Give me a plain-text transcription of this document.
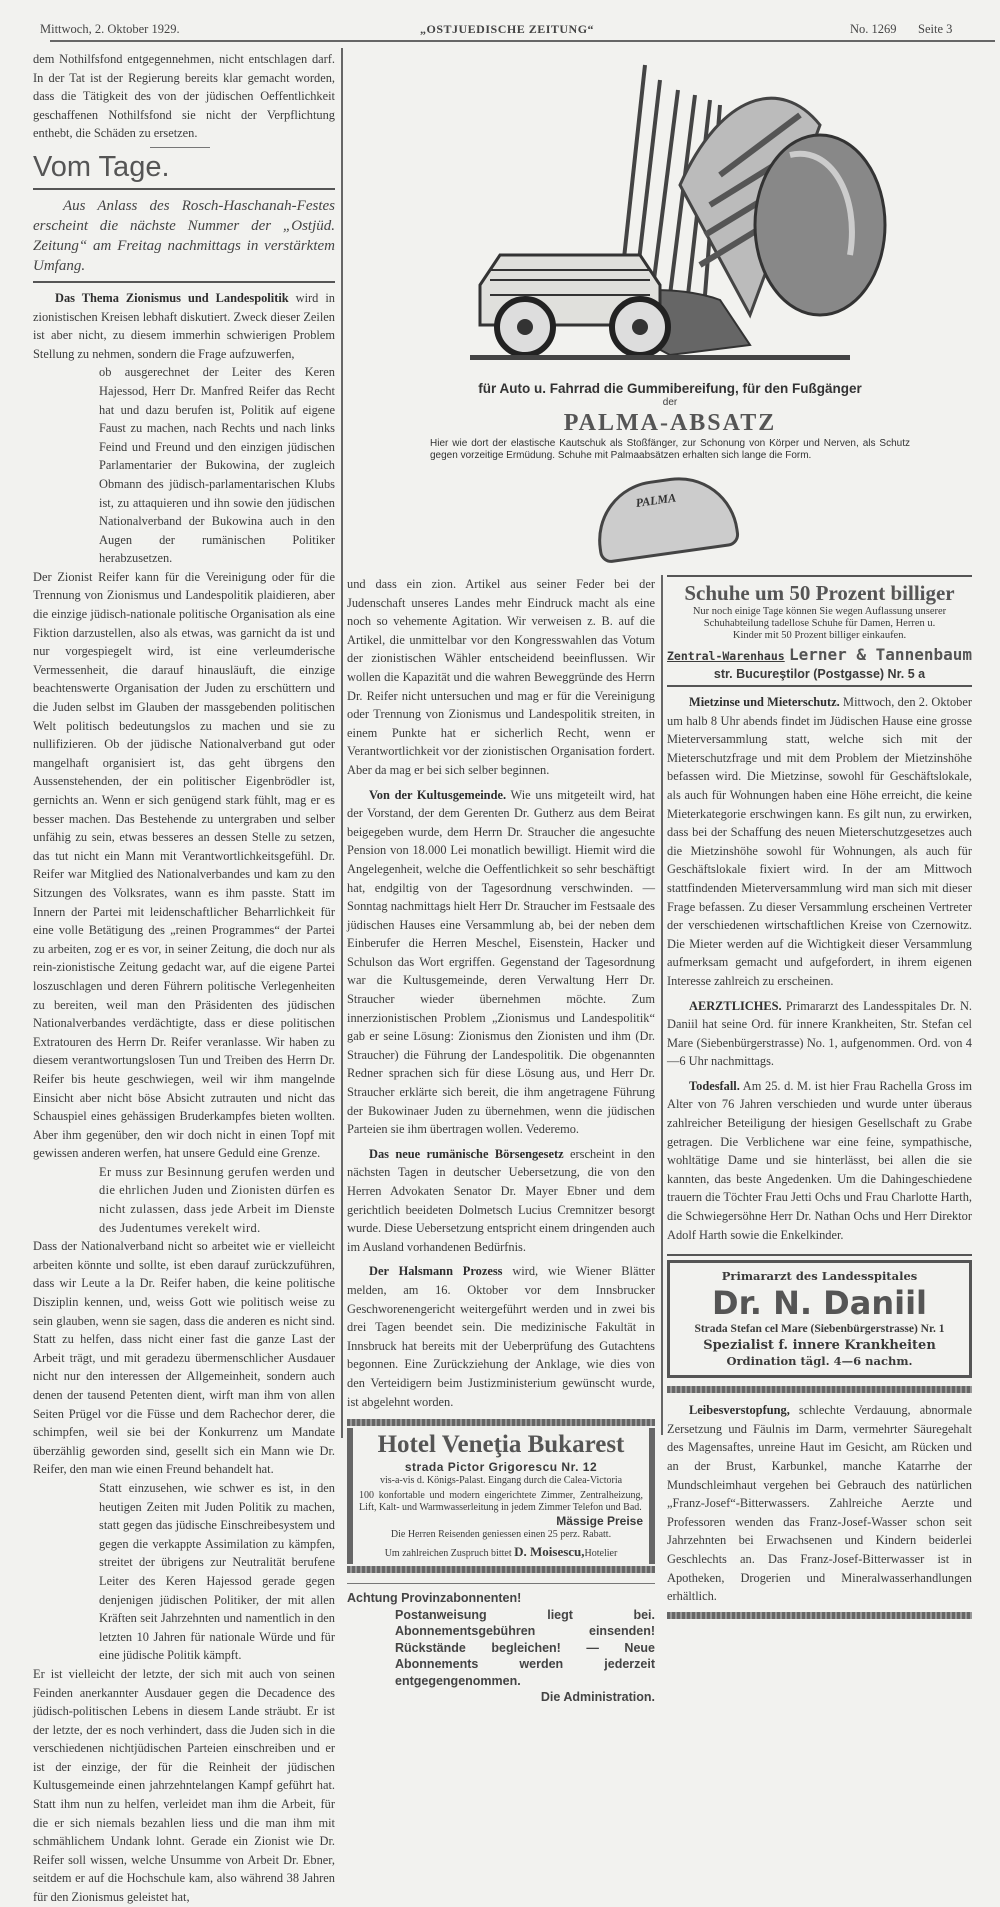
Mittwoch, 2. Oktober 1929.	„OSTJUEDISCHE ZEITUNG“	No. 1269 Seite 3
dem Nothilfsfond entgegennehmen, nicht entschlagen darf. In der Tat ist der Regierung bereits klar gemacht worden, dass die Tätigkeit des von der jüdischen Oeffentlichkeit geschaffenen Nothilfsfond sie nicht der Verpflichtung enthebt, die Schäden zu ersetzen.
Vom Tage.
Aus Anlass des Rosch-Haschanah-Festes erscheint die nächste Nummer der „Ostjüd. Zeitung“ am Freitag nachmittags in verstärktem Umfang.

Das Thema Zionismus und Landespolitik wird in zionistischen Kreisen lebhaft diskutiert. Zweck dieser Zeilen ist aber nicht, zu diesem immerhin schwierigen Problem Stellung zu nehmen, sondern die Frage aufzuwerfen,

ob ausgerechnet der Leiter des Keren Hajessod, Herr Dr. Manfred Reifer das Recht hat und dazu berufen ist, Politik auf eigene Faust zu machen, nach Rechts und nach links Feind und Freund und den einzigen jüdischen Parlamentarier der Bukowina, der zugleich Obmann des jüdisch-parlamentarischen Klubs ist, zu attaquieren und ihn sowie den jüdischen Nationalverband der Bukowina auch in den Augen der rumänischen Politiker herabzusetzen.

Der Zionist Reifer kann für die Vereinigung oder für die Trennung von Zionismus und Landespolitik plaidieren, aber die einzige jüdisch-nationale politische Organisation als eine Fiktion darzustellen, also als etwas, was garnicht da ist und nur vorgespiegelt wird, ist eine verleumderische Vermessenheit, die darauf hinausläuft, die einzige beachtenswerte Organisation der Juden zu erschüttern und die Juden selbst im Glauben der massgebenden politischen Welt politisch bedeutungslos zu machen und sie zu nullifizieren. Ob der jüdische Nationalverband gut oder mangelhaft organisiert ist, das geht übrgens den Aussenstehenden, der ein politischer Eigenbrödler ist, gernichts an. Wenn er sich genügend stark fühlt, mag er es besser machen. Das Bestehende zu untergraben und selber unfähig zu sein, etwas besseres an dessen Stelle zu setzen, das tut nicht ein Mann mit Verantwortlichkeitsgefühl. Dr. Reifer war Mitglied des Nationalverbandes und kam zu den Sitzungen des Volksrates, wann es ihm passte. Statt im Innern der Partei mit leidenschaftlicher Beharrlichkeit für eine volle Betätigung des „reinen Programmes“ der Partei zu arbeiten, zog er es vor, in seiner Zeitung, die doch nur als rein-zionistische Zeitung gedacht war, auf die eigene Partei loszuschlagen und deren Führern politische Verlegenheiten zu bereiten, weil man den Präsidenten des jüdischen Nationalverbandes verdächtigte, dass er diese politischen Extratouren des Herrn Dr. Reifer veranlasse. Wir haben zu diesem verantwortungslosen Tun und Treiben des Herrn Dr. Reifer bis heute geschwiegen, weil wir ihm mangelnde Einsicht aber nicht böse Absicht zutrauten und nicht das Schauspiel eines gehässigen Bruderkampfes bieten wollten. Aber ihm gegenüber, den wir doch nicht in einen Topf mit gewissen anderen werfen, hat unsere Geduld eine Grenze.

Er muss zur Besinnung gerufen werden und die ehrlichen Juden und Zionisten dürfen es nicht zulassen, dass jede Arbeit im Dienste des Judentumes verekelt wird.

Dass der Nationalverband nicht so arbeitet wie er vielleicht arbeiten könnte und sollte, ist eben darauf zurückzuführen, dass wir Leute a la Dr. Reifer haben, die keine politische Disziplin kennen, und, weiss Gott wie politisch weise zu sein glauben, wenn sie sagen, dass die anderen es nicht sind. Statt zu helfen, dass nicht einer fast die ganze Last der Arbeit trägt, und mit geradezu übermenschlicher Ausdauer nicht nur den interessen der Allgemeinheit, sondern auch denen der tausend Petenten dient, wirft man ihm von allen Seiten Prügel vor die Füsse und dem Rachechor derer, die schimpfen, weil sie bei der Konkurrenz um Mandate überzählig geworden sind, gesellt sich ein Mann wie Dr. Reifer, den man wie einen Freund behandelt hat.

Statt einzusehen, wie schwer es ist, in den heutigen Zeiten mit Juden Politik zu machen, statt gegen das jüdische Einschreibesystem und gegen die verkappte Assimilation zu kämpfen, streitet der übrigens zur Neutralität berufene Leiter des Keren Hajessod gerade gegen denjenigen jüdischen Politiker, der mit allen Kräften seit Jahrzehnten und namentlich in den letzten 10 Jahren für nationale Würde und für eine jüdische Politik kämpft.

Er ist vielleicht der letzte, der sich mit auch von seinen Feinden anerkannter Ausdauer gegen die Decadence des jüdisch-politischen Lebens in diesem Lande sträubt. Er ist der letzte, der es noch verhindert, dass die Juden sich in die verschiedenen nichtjüdischen Parteien einschreiben und er ist der einzige, der für die Reinheit der jüdischen Kultusgemeinde einen jahrzehntelangen Kampf geführt hat. Statt ihm nun zu helfen, verleidet man ihm die Arbeit, für die er sich niemals bezahlen liess und die man ihm mit schmählichem Undank lohnt. Gerade ein Zionist wie Dr. Reifer soll wissen, welche Unsumme von Arbeit Dr. Ebner, seitdem er auf die Hochschule kam, also während 38 Jahren für den Zionismus geleistet hat,

für Auto u. Fahrrad die Gummibereifung, für den Fußgänger
der
PALMA-ABSATZ
Hier wie dort der elastische Kautschuk als Stoßfänger, zur Schonung von Körper und Nerven, als Schutz gegen vorzeitige Ermüdung. Schuhe mit Palmaabsätzen erhalten sich lange die Form.
PALMA

und dass ein zion. Artikel aus seiner Feder bei der Judenschaft unseres Landes mehr Eindruck macht als eine noch so vehemente Agitation. Wir verweisen z. B. auf die Artikel, die unmittelbar vor den Kongresswahlen das Votum der zionistischen Wähler entscheidend beeinflussen. Wir wollen die Kapazität und die wahren Beweggründe des Herrn Dr. Reifer nicht untersuchen und mag er für die Vereinigung oder Trennung von Zionismus und Landespolitik streiten, in einem Punkte hat er sicherlich Recht, wenn er Verantwortlichkeit vor der zionistischen Organisation fordert. Aber da mag er bei sich selber beginnen.

Von der Kultusgemeinde. Wie uns mitgeteilt wird, hat der Vorstand, der dem Gerenten Dr. Gutherz aus dem Beirat beigegeben wurde, dem Herrn Dr. Straucher die angesuchte Pension von 18.000 Lei monatlich bewilligt. Hiemit wird die Angelegenheit, welche die Oeffentlichkeit so sehr beschäftigt hat, endgiltig von der Tagesordnung verschwinden. — Sonntag nachmittags hielt Herr Dr. Straucher im Festsaale des jüdischen Hauses eine Versammlung ab, bei der neben dem Einberufer die Herren Meschel, Eisenstein, Hacker und Schulson das Wort ergriffen. Gegenstand der Tagesordnung war die Kultusgemeinde, deren Verwaltung Herr Dr. Straucher wieder übernehmen möchte. Zum innerzionistischen Problem „Zionismus und Landespolitik“ gab er seine Lösung: Zionismus den Zionisten und ihm (Dr. Straucher) die Führung der Landespolitik. Die obgenannten Redner sprachen sich für diese Lösung aus, und Herr Dr. Straucher erklärte sich bereit, die ihm angetragene Führung der Bukowinaer Juden zu übernehmen, wenn die jüdischen Parteien sie ihm übertragen wollen. Vederemo.

Das neue rumänische Börsengesetz erscheint in den nächsten Tagen in deutscher Uebersetzung, die von den Herren Advokaten Senator Dr. Mayer Ebner und dem gerichtlich beeideten Dolmetsch Lucius Cremnitzer besorgt wurde. Diese Uebersetzung entspricht einem dringenden auch im Ausland vorhandenen Bedürfnis.

Der Halsmann Prozess wird, wie Wiener Blätter melden, am 16. Oktober vor dem Innsbrucker Geschworenengericht weitergeführt werden und in zwei bis drei Tagen beendet sein. Die medizinische Fakultät in Innsbruck hat bereits mit der Ueberprüfung des Gutachtens begonnen. Eine Zurückziehung der Anklage, wie dies von den Verteidigern beim Justizministerium gewünscht wurde, ist abgelehnt worden.

Hotel Veneţia Bukarest
strada Pictor Grigorescu Nr. 12
vis-a-vis d. Königs-Palast. Eingang durch die Calea-Victoria
100 konfortable und modern eingerichtete Zimmer, Zentralheizung, Lift, Kalt- und Warmwasserleitung in jedem Zimmer Telefon und Bad.
Mässige Preise
Die Herren Reisenden geniessen einen 25 perz. Rabatt.
Um zahlreichen Zuspruch bittet D. Moisescu,Hotelier
Achtung Provinzabonnenten!
Postanweisung liegt bei. Abonnementsgebühren einsenden! Rückstände begleichen! — Neue Abonnements werden jederzeit entgegengenommen.
Die Administration.
Schuhe um 50 Prozent billiger
Nur noch einige Tage können Sie wegen Auflassung unserer Schuhabteilung tadellose Schuhe für Damen, Herren u. Kinder mit 50 Prozent billiger einkaufen.
Zentral-Warenhaus Lerner & Tannenbaum
str. Bucureştilor (Postgasse) Nr. 5 a

Mietzinse und Mieterschutz. Mittwoch, den 2. Oktober um halb 8 Uhr abends findet im Jüdischen Hause eine grosse Mieterversammlung statt, welche sich mit der Mieterschutzfrage und mit dem Problem der Mietzinshöhe befassen wird. Die Mietzinse, sowohl für Geschäftslokale, als auch für Wohnungen haben eine Höhe erreicht, die keine Mieterkategorie erschwingen kann. Es gilt nun, zu erwirken, dass bei der Schaffung des neuen Mieterschutzgesetzes auch die Mietzinshöhe sowohl für Wohnungen, als auch für Geschäftslokale fixiert wird. In der am Mittwoch stattfindenden Mieterversammlung wird man sich mit dieser Frage befassen. Zu dieser Versammlung erscheinen Vertreter der verschiedenen wirtschaftlichen Kreise von Czernowitz. Die Mieter werden auf die Wichtigkeit dieser Versammlung aufmerksam gemacht und aufgefordert, in ihrem eigenen Interesse zahlreich zu erscheinen.

AERZTLICHES. Primararzt des Landesspitales Dr. N. Daniil hat seine Ord. für innere Krankheiten, Str. Stefan cel Mare (Siebenbürgerstrasse) No. 1, aufgenommen. Ord. von 4—6 Uhr nachmittags.

Todesfall. Am 25. d. M. ist hier Frau Rachella Gross im Alter von 76 Jahren verschieden und wurde unter überaus zahlreicher Beteiligung der hiesigen Gesellschaft zu Grabe getragen. Die Verblichene war eine feine, sympathische, wohltätige Dame und sie hinterlässt, bei allen die sie kannten, das beste Angedenken. Um die Dahingeschiedene trauern die Töchter Frau Jetti Ochs und Frau Charlotte Harth, die Schwiegersöhne Herr Dr. Nathan Ochs und Herr Direktor Adolf Harth sowie die Enkelkinder.

Primararzt des Landesspitales
Dr. N. Daniil
Strada Stefan cel Mare (Siebenbürgerstrasse) Nr. 1
Spezialist f. innere Krankheiten
Ordination tägl. 4—6 nachm.

Leibesverstopfung, schlechte Verdauung, abnormale Zersetzung und Fäulnis im Darm, vermehrter Säuregehalt des Magensaftes, unreine Haut im Gesicht, am Rücken und an der Brust, Karbunkel, manche Katarrhe der Mundschleimhaut vergehen bei Gebrauch des natürlichen „Franz-Josef“-Bitterwassers. Zahlreiche Aerzte und Professoren wenden das Franz-Josef-Wasser schon seit Jahrzehnten bei Erwachsenen und Kindern beiderlei Geschlechts an. Das Franz-Josef-Bitterwasser ist in Apotheken, Drogerien und Mineralwasserhandlungen erhältlich.
